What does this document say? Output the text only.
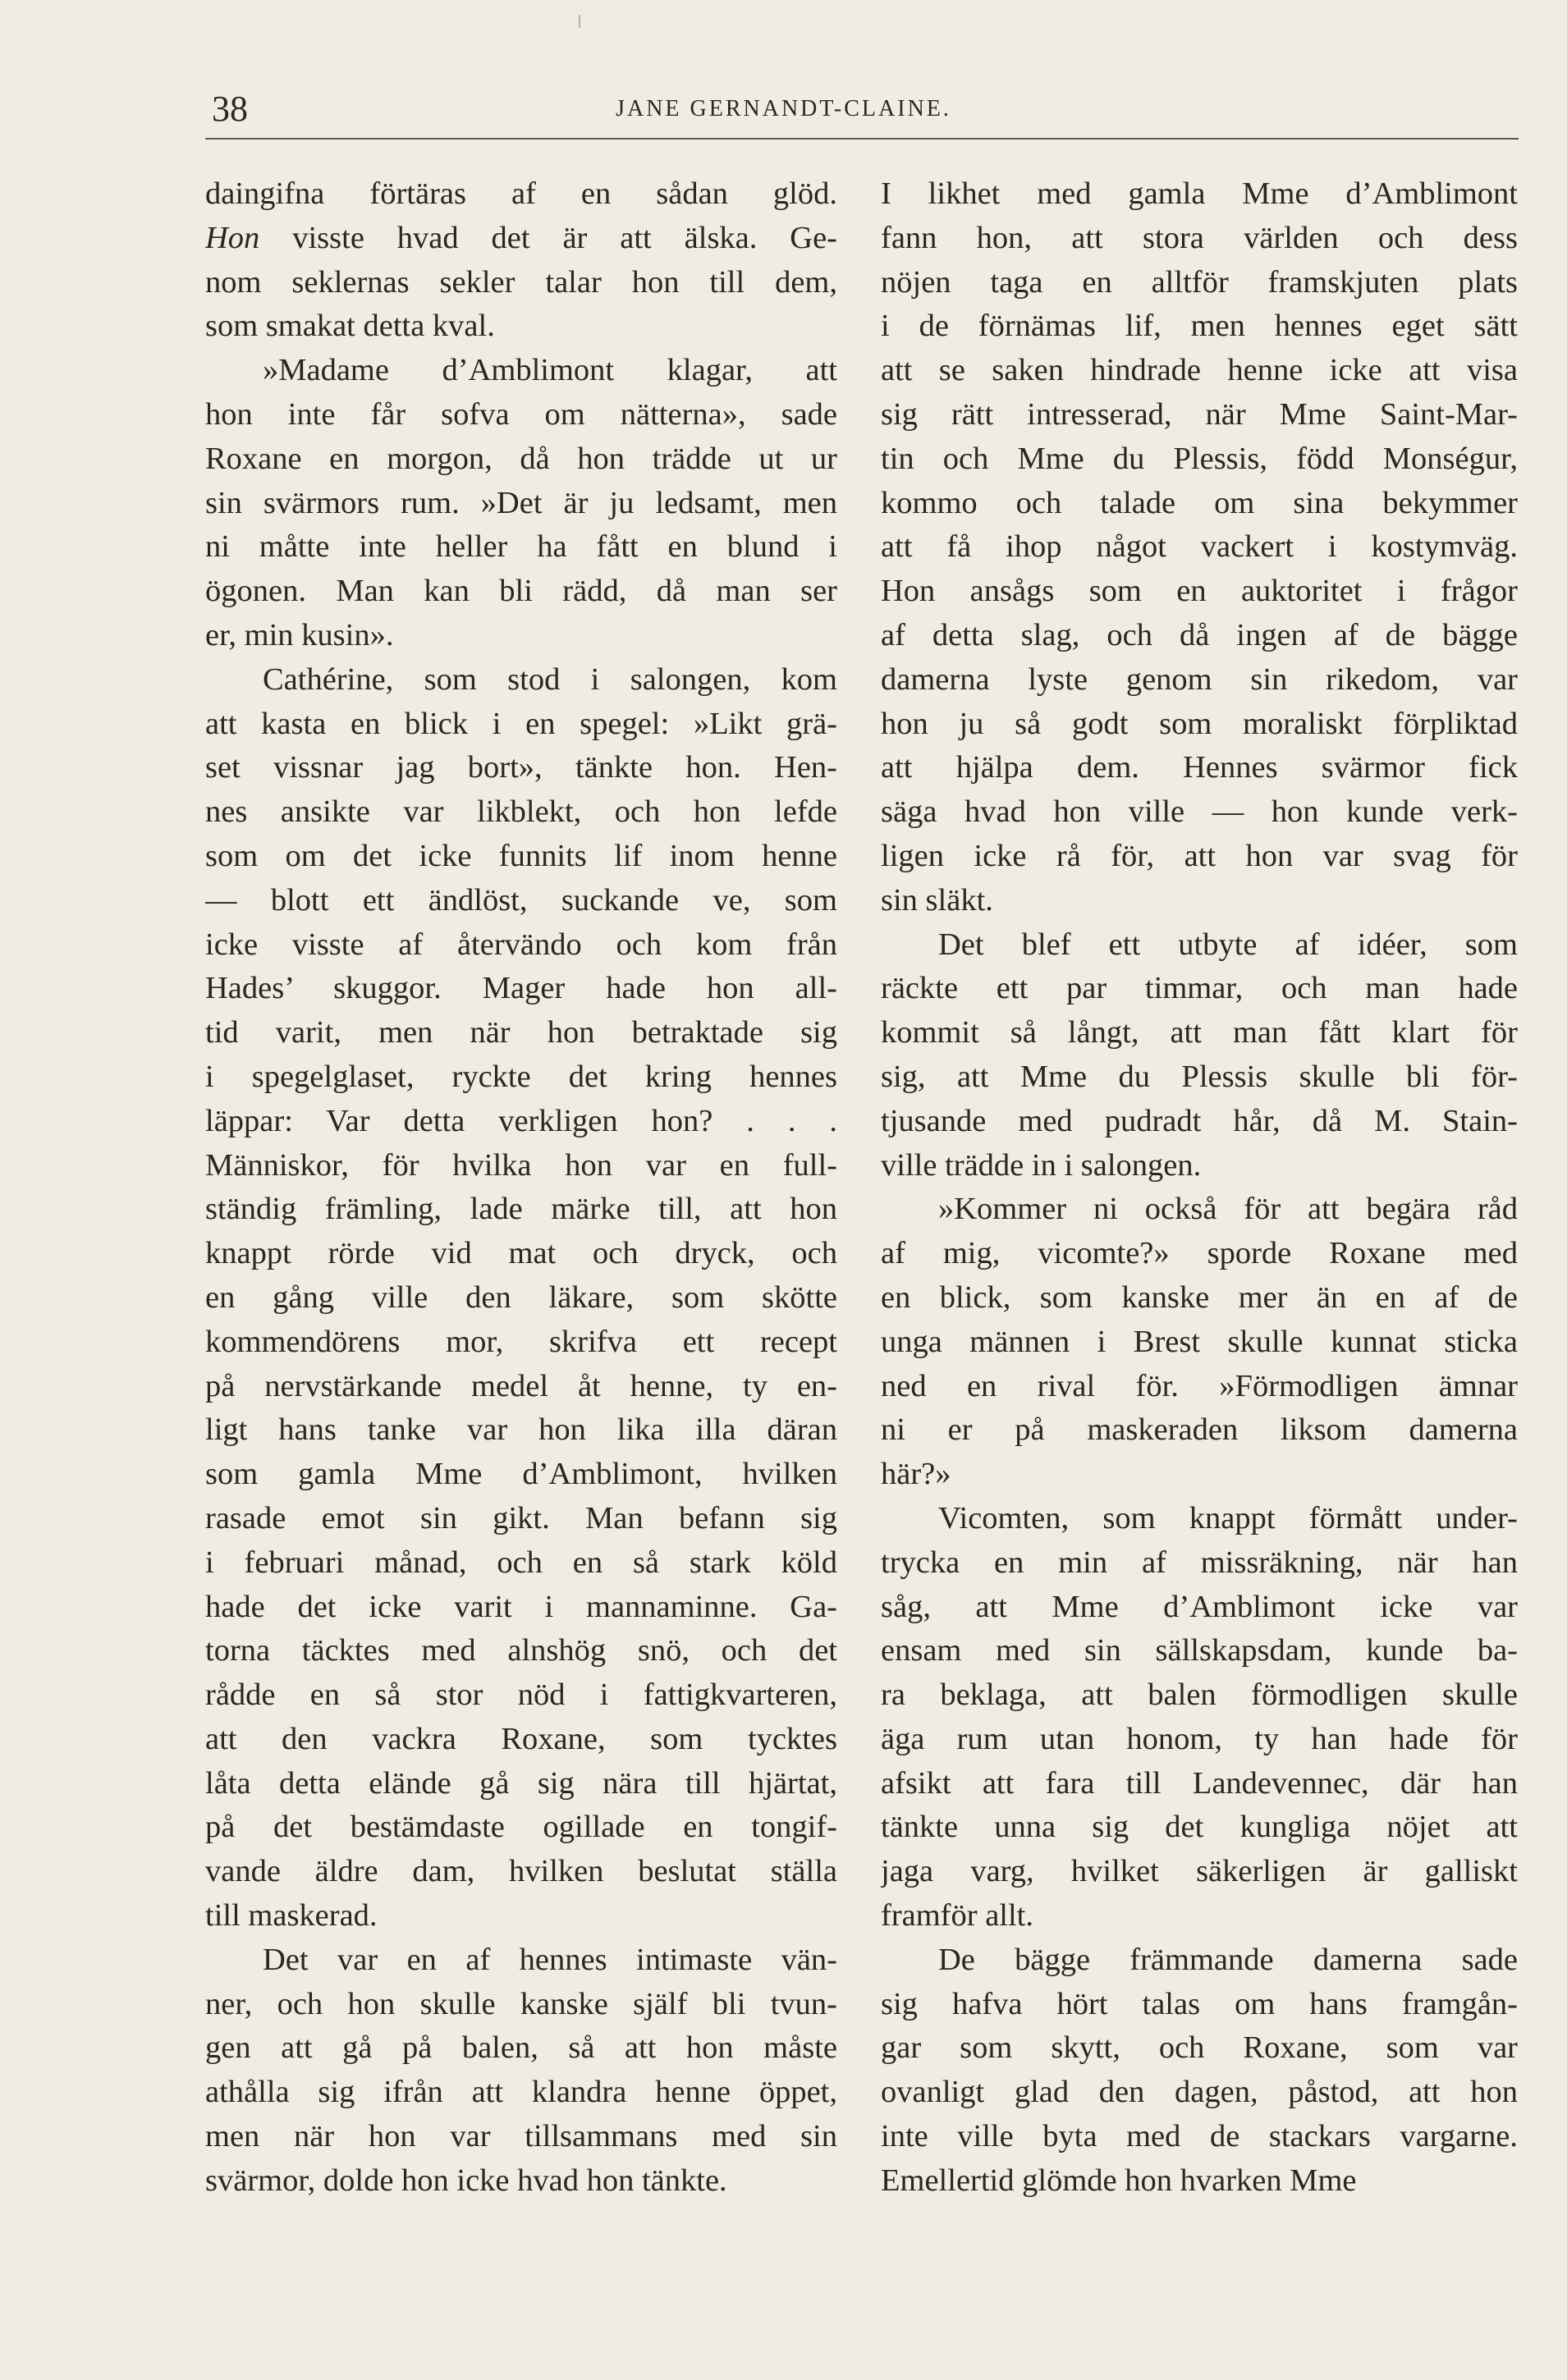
38	JANE GERNANDT-CLAINE.
daingifna förtäras af en sådan glöd.
Hon visste hvad det är att älska. Ge-
nom seklernas sekler talar hon till dem,
som smakat detta kval.
»Madame d’Amblimont klagar, att
hon inte får sofva om nätterna», sade
Roxane en morgon, då hon trädde ut ur
sin svärmors rum. »Det är ju ledsamt, men
ni måtte inte heller ha fått en blund i
ögonen. Man kan bli rädd, då man ser
er, min kusin».
Cathérine, som stod i salongen, kom
att kasta en blick i en spegel: »Likt grä-
set vissnar jag bort», tänkte hon. Hen-
nes ansikte var likblekt, och hon lefde
som om det icke funnits lif inom henne
— blott ett ändlöst, suckande ve, som
icke visste af återvändo och kom från
Hades’ skuggor. Mager hade hon all-
tid varit, men när hon betraktade sig
i spegelglaset, ryckte det kring hennes
läppar: Var detta verkligen hon? . . .
Människor, för hvilka hon var en full-
ständig främling, lade märke till, att hon
knappt rörde vid mat och dryck, och
en gång ville den läkare, som skötte
kommendörens mor, skrifva ett recept
på nervstärkande medel åt henne, ty en-
ligt hans tanke var hon lika illa däran
som gamla Mme d’Amblimont, hvilken
rasade emot sin gikt. Man befann sig
i februari månad, och en så stark köld
hade det icke varit i mannaminne. Ga-
torna täcktes med alnshög snö, och det
rådde en så stor nöd i fattigkvarteren,
att den vackra Roxane, som tycktes
låta detta elände gå sig nära till hjärtat,
på det bestämdaste ogillade en tongif-
vande äldre dam, hvilken beslutat ställa
till maskerad.
Det var en af hennes intimaste vän-
ner, och hon skulle kanske själf bli tvun-
gen att gå på balen, så att hon måste
athålla sig ifrån att klandra henne öppet,
men när hon var tillsammans med sin
svärmor, dolde hon icke hvad hon tänkte.
I likhet med gamla Mme d’Amblimont
fann hon, att stora världen och dess
nöjen taga en alltför framskjuten plats
i de förnämas lif, men hennes eget sätt
att se saken hindrade henne icke att visa
sig rätt intresserad, när Mme Saint-Mar-
tin och Mme du Plessis, född Monségur,
kommo och talade om sina bekymmer
att få ihop något vackert i kostymväg.
Hon ansågs som en auktoritet i frågor
af detta slag, och då ingen af de bägge
damerna lyste genom sin rikedom, var
hon ju så godt som moraliskt förpliktad
att hjälpa dem. Hennes svärmor fick
säga hvad hon ville — hon kunde verk-
ligen icke rå för, att hon var svag för
sin släkt.
Det blef ett utbyte af idéer, som
räckte ett par timmar, och man hade
kommit så långt, att man fått klart för
sig, att Mme du Plessis skulle bli för-
tjusande med pudradt hår, då M. Stain-
ville trädde in i salongen.
»Kommer ni också för att begära råd
af mig, vicomte?» sporde Roxane med
en blick, som kanske mer än en af de
unga männen i Brest skulle kunnat sticka
ned en rival för. »Förmodligen ämnar
ni er på maskeraden liksom damerna
här?»
Vicomten, som knappt förmått under-
trycka en min af missräkning, när han
såg, att Mme d’Amblimont icke var
ensam med sin sällskapsdam, kunde ba-
ra beklaga, att balen förmodligen skulle
äga rum utan honom, ty han hade för
afsikt att fara till Landevennec, där han
tänkte unna sig det kungliga nöjet att
jaga varg, hvilket säkerligen är galliskt
framför allt.
De bägge främmande damerna sade
sig hafva hört talas om hans framgån-
gar som skytt, och Roxane, som var
ovanligt glad den dagen, påstod, att hon
inte ville byta med de stackars vargarne.
Emellertid glömde hon hvarken Mme
